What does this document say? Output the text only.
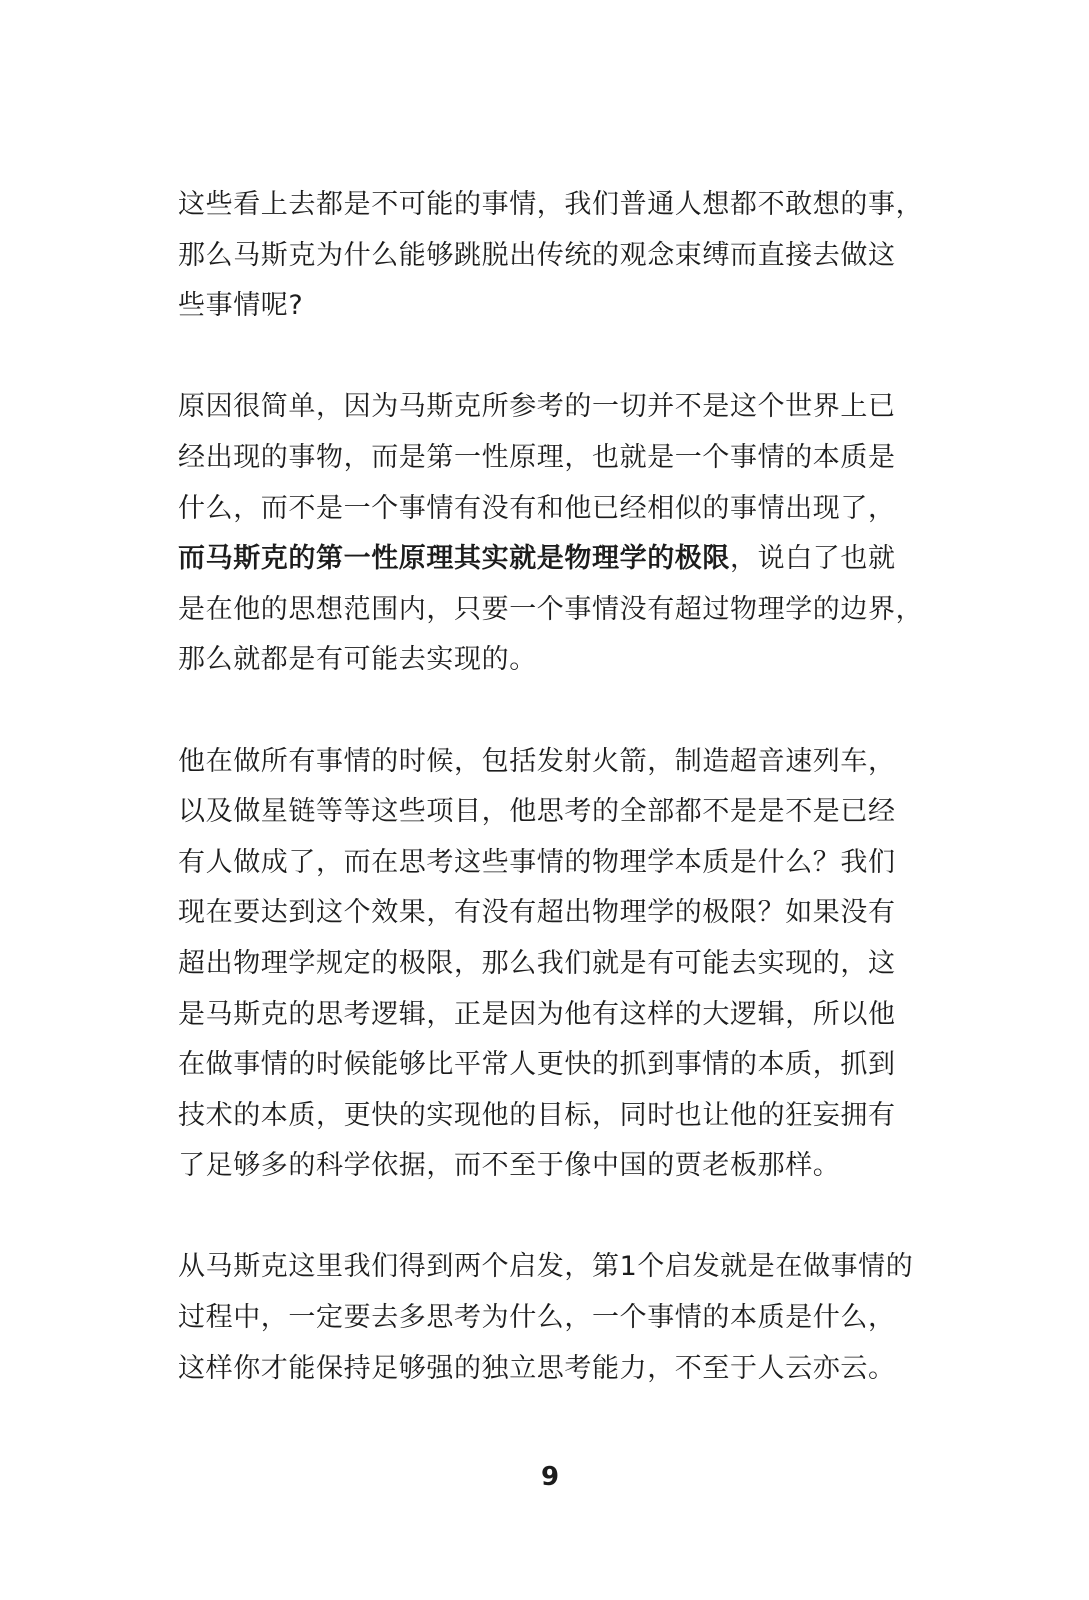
这些看上去都是不可能的事情，我们普通人想都不敢想的事，
那么马斯克为什么能够跳脱出传统的观念束缚而直接去做这
些事情呢?

原因很简单，因为马斯克所参考的一切并不是这个世界上已
经出现的事物，而是第一性原理，也就是一个事情的本质是
什么，而不是一个事情有没有和他已经相似的事情出现了，
而马斯克的第一性原理其实就是物理学的极限，说白了也就
是在他的思想范围内，只要一个事情没有超过物理学的边界，
那么就都是有可能去实现的。

他在做所有事情的时候，包括发射火箭，制造超音速列车，
以及做星链等等这些项目，他思考的全部都不是是不是已经
有人做成了，而在思考这些事情的物理学本质是什么？我们
现在要达到这个效果，有没有超出物理学的极限？如果没有
超出物理学规定的极限，那么我们就是有可能去实现的，这
是马斯克的思考逻辑，正是因为他有这样的大逻辑，所以他
在做事情的时候能够比平常人更快的抓到事情的本质，抓到
技术的本质，更快的实现他的目标，同时也让他的狂妄拥有
了足够多的科学依据，而不至于像中国的贾老板那样。

从马斯克这里我们得到两个启发，第1个启发就是在做事情的
过程中，一定要去多思考为什么，一个事情的本质是什么，
这样你才能保持足够强的独立思考能力，不至于人云亦云。

9
